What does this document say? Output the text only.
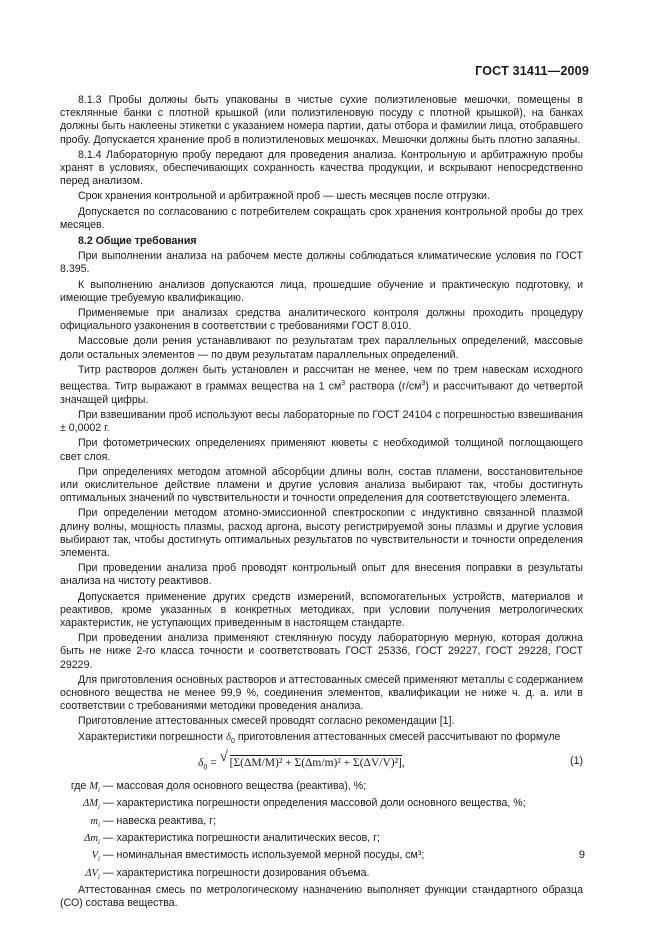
ГОСТ 31411—2009

8.1.3 Пробы должны быть упакованы в чистые сухие полиэтиленовые мешочки, помещены в стеклянные банки с плотной крышкой (или полиэтиленовую посуду с плотной крышкой), на банках должны быть наклеены этикетки с указанием номера партии, даты отбора и фамилии лица, отобравшего пробу. Допускается хранение проб в полиэтиленовых мешочках. Мешочки должны быть плотно запаяны.

8.1.4 Лабораторную пробу передают для проведения анализа. Контрольную и арбитражную пробы хранят в условиях, обеспечивающих сохранность качества продукции, и вскрывают непосредственно перед анализом.

Срок хранения контрольной и арбитражной проб — шесть месяцев после отгрузки.

Допускается по согласованию с потребителем сокращать срок хранения контрольной пробы до трех месяцев.

8.2 Общие требования

При выполнении анализа на рабочем месте должны соблюдаться климатические условия по ГОСТ 8.395.

К выполнению анализов допускаются лица, прошедшие обучение и практическую подготовку, и имеющие требуемую квалификацию.

Применяемые при анализах средства аналитического контроля должны проходить процедуру официального узаконения в соответствии с требованиями ГОСТ 8.010.

Массовые доли рения устанавливают по результатам трех параллельных определений, массовые доли остальных элементов — по двум результатам параллельных определений.

Титр растворов должен быть установлен и рассчитан не менее, чем по трем навескам исходного вещества. Титр выражают в граммах вещества на 1 $см^3$ раствора $(г/см^3)$ и рассчитывают до четвертой значащей цифры.

При взвешивании проб используют весы лабораторные по ГОСТ 24104 с погрешностью взвешивания ± 0,0002 г.

При фотометрических определениях применяют кюветы с необходимой толщиной поглощающего свет слоя.

При определениях методом атомной абсорбции длины волн, состав пламени, восстановительное или окислительное действие пламени и другие условия анализа выбирают так, чтобы достигнуть оптимальных значений по чувствительности и точности определения для соответствующего элемента.

При определении методом атомно-эмиссионной спектроскопии с индуктивно связанной плазмой длину волны, мощность плазмы, расход аргона, высоту регистрируемой зоны плазмы и другие условия выбирают так, чтобы достигнуть оптимальных результатов по чувствительности и точности определения элемента.

При проведении анализа проб проводят контрольный опыт для внесения поправки в результаты анализа на чистоту реактивов.

Допускается применение других средств измерений, вспомогательных устройств, материалов и реактивов, кроме указанных в конкретных методиках, при условии получения метрологических характеристик, не уступающих приведенным в настоящем стандарте.

При проведении анализа применяют стеклянную посуду лабораторную мерную, которая должна быть не ниже 2-го класса точности и соответствовать ГОСТ 25336, ГОСТ 29227, ГОСТ 29228, ГОСТ 29229.

Для приготовления основных растворов и аттестованных смесей применяют металлы с содержанием основного вещества не менее 99,9 %, соединения элементов, квалификации не ниже ч. д. а. или в соответствии с требованиями методики проведения анализа.

Приготовление аттестованных смесей проводят согласно рекомендации [1].

Характеристики погрешности $\delta_0$ приготовления аттестованных смесей рассчитывают по формуле

$\delta_0$ = √ [Σ(ΔM/M)² + Σ(Δm/m)² + Σ(ΔV/V)²],	(1)
где $M_i$ — массовая доля основного вещества (реактива), %;
$\Delta M_i$ — характеристика погрешности определения массовой доли основного вещества, %;
$m_i$ — навеска реактива, г;
$\Delta m_i$ — характеристика погрешности аналитических весов, г;
$V_i$ — номинальная вместимость используемой мерной посуды, см³;
$\Delta V_i$ — характеристика погрешности дозирования объема.

Аттестованная смесь по метрологическому назначению выполняет функции стандартного образца (СО) состава вещества.

9
